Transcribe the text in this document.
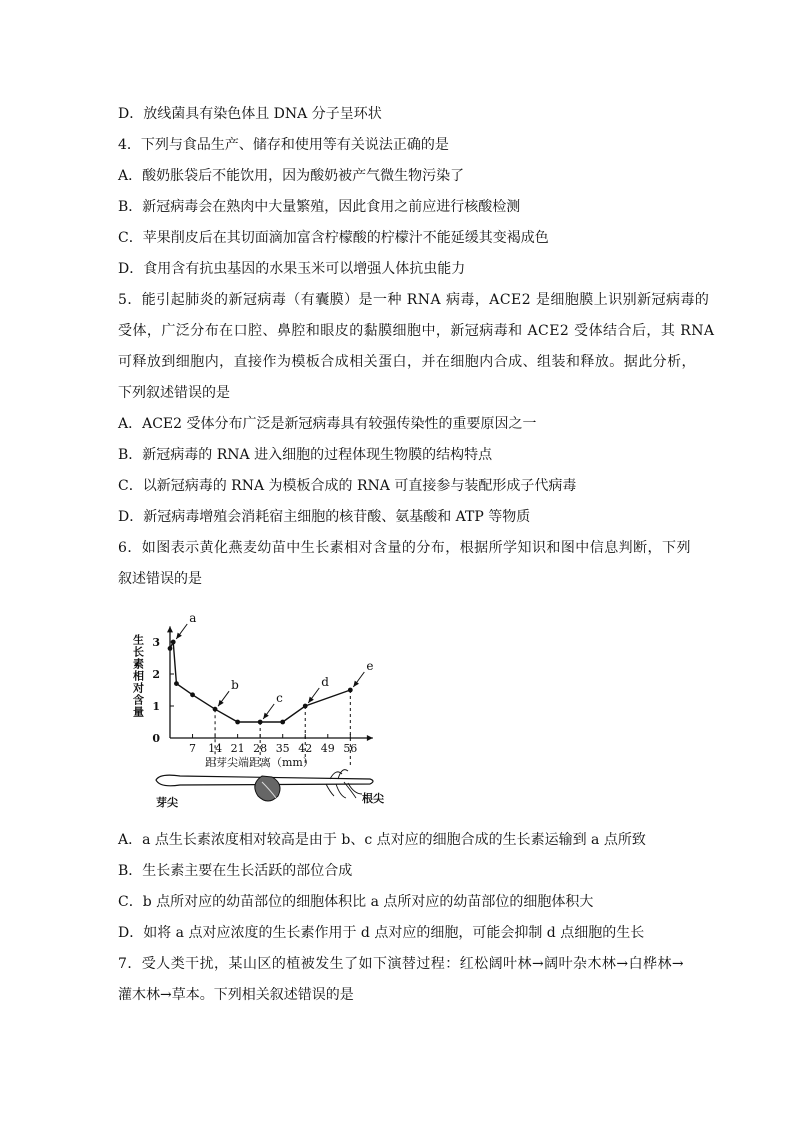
D．放线菌具有染色体且 DNA 分子呈环状
4．下列与食品生产、储存和使用等有关说法正确的是
A．酸奶胀袋后不能饮用，因为酸奶被产气微生物污染了
B．新冠病毒会在熟肉中大量繁殖，因此食用之前应进行核酸检测
C．苹果削皮后在其切面滴加富含柠檬酸的柠檬汁不能延缓其变褐成色
D．食用含有抗虫基因的水果玉米可以增强人体抗虫能力
5．能引起肺炎的新冠病毒（有囊膜）是一种 RNA 病毒，ACE2 是细胞膜上识别新冠病毒的
受体，广泛分布在口腔、鼻腔和眼皮的黏膜细胞中，新冠病毒和 ACE2 受体结合后，其 RNA
可释放到细胞内，直接作为模板合成相关蛋白，并在细胞内合成、组装和释放。据此分析，
下列叙述错误的是
A．ACE2 受体分布广泛是新冠病毒具有较强传染性的重要原因之一
B．新冠病毒的 RNA 进入细胞的过程体现生物膜的结构特点
C．以新冠病毒的 RNA 为模板合成的 RNA 可直接参与装配形成子代病毒
D．新冠病毒增殖会消耗宿主细胞的核苷酸、氨基酸和 ATP 等物质
6．如图表示黄化燕麦幼苗中生长素相对含量的分布，根据所学知识和图中信息判断，下列
叙述错误的是
A．a 点生长素浓度相对较高是由于 b、c 点对应的细胞合成的生长素运输到 a 点所致
B．生长素主要在生长活跃的部位合成
C．b 点所对应的幼苗部位的细胞体积比 a 点所对应的幼苗部位的细胞体积大
D．如将 a 点对应浓度的生长素作用于 d 点对应的细胞，可能会抑制 d 点细胞的生长
7．受人类干扰，某山区的植被发生了如下演替过程：红松阔叶林→阔叶杂木林→白桦林→
灌木林→草本。下列相关叙述错误的是
7 14 21 28 35 42 49 56
0
1
2
3
a
b
c
d
e
生长素相对含量
距芽尖端距离（mm）
芽尖	根尖
